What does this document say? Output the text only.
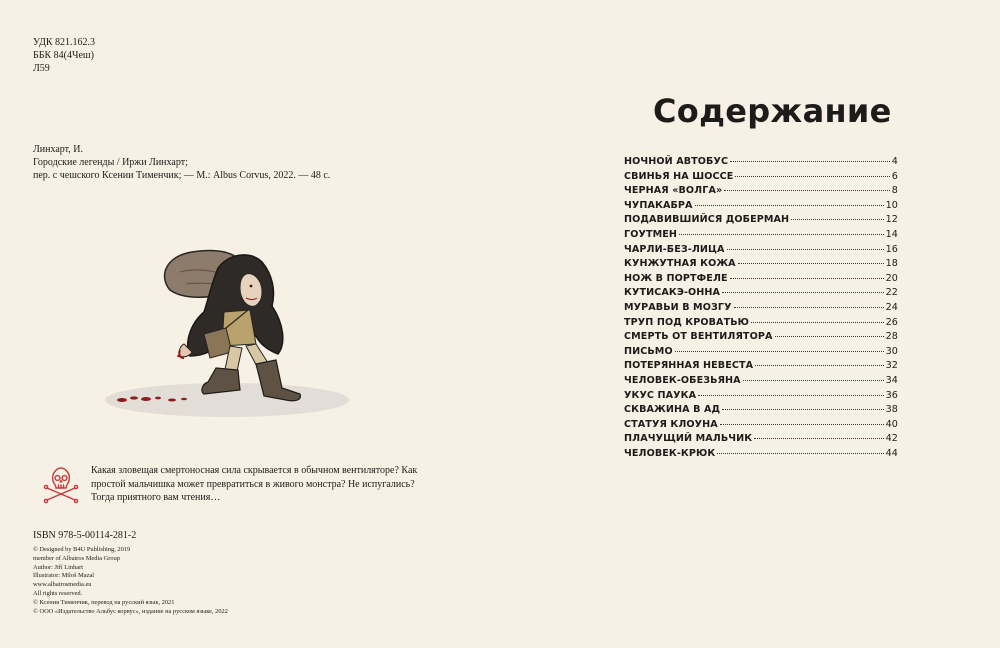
УДК 821.162.3
ББК 84(4Чеш)
Л59
Линхарт, И.
Городские легенды / Иржи Линхарт;
пер. с чешского Ксении Тименчик; — М.: Albus Corvus, 2022. — 48 с.
Какая зловещая смертоносная сила скрывается в обычном вентиляторе? Как
простой мальчишка может превратиться в живого монстра? Не испугались?
Тогда приятного вам чтения…
ISBN 978-5-00114-281-2
© Designed by B4U Publishing, 2019
member of Albatros Media Group
Author: Jiří Linhart
Illustrator: Miloš Mazal
www.albatrosmedia.eu
All rights reserved.
© Ксения Тименчик, перевод на русский язык, 2021
© ООО «Издательство Альбус корвус», издание на русском языке, 2022
Содержание
НОЧНОЙ АВТОБУС	4
СВИНЬЯ НА ШОССЕ	6
ЧЕРНАЯ «ВОЛГА»	8
ЧУПАКАБРА	10
ПОДАВИВШИЙСЯ ДОБЕРМАН	12
ГОУТМЕН	14
ЧАРЛИ-БЕЗ-ЛИЦА	16
КУНЖУТНАЯ КОЖА	18
НОЖ В ПОРТФЕЛЕ	20
КУТИСАКЭ-ОННА	22
МУРАВЬИ В МОЗГУ	24
ТРУП ПОД КРОВАТЬЮ	26
СМЕРТЬ ОТ ВЕНТИЛЯТОРА	28
ПИСЬМО	30
ПОТЕРЯННАЯ НЕВЕСТА	32
ЧЕЛОВЕК-ОБЕЗЬЯНА	34
УКУС ПАУКА	36
СКВАЖИНА В АД	38
СТАТУЯ КЛОУНА	40
ПЛАЧУЩИЙ МАЛЬЧИК	42
ЧЕЛОВЕК-КРЮК	44
